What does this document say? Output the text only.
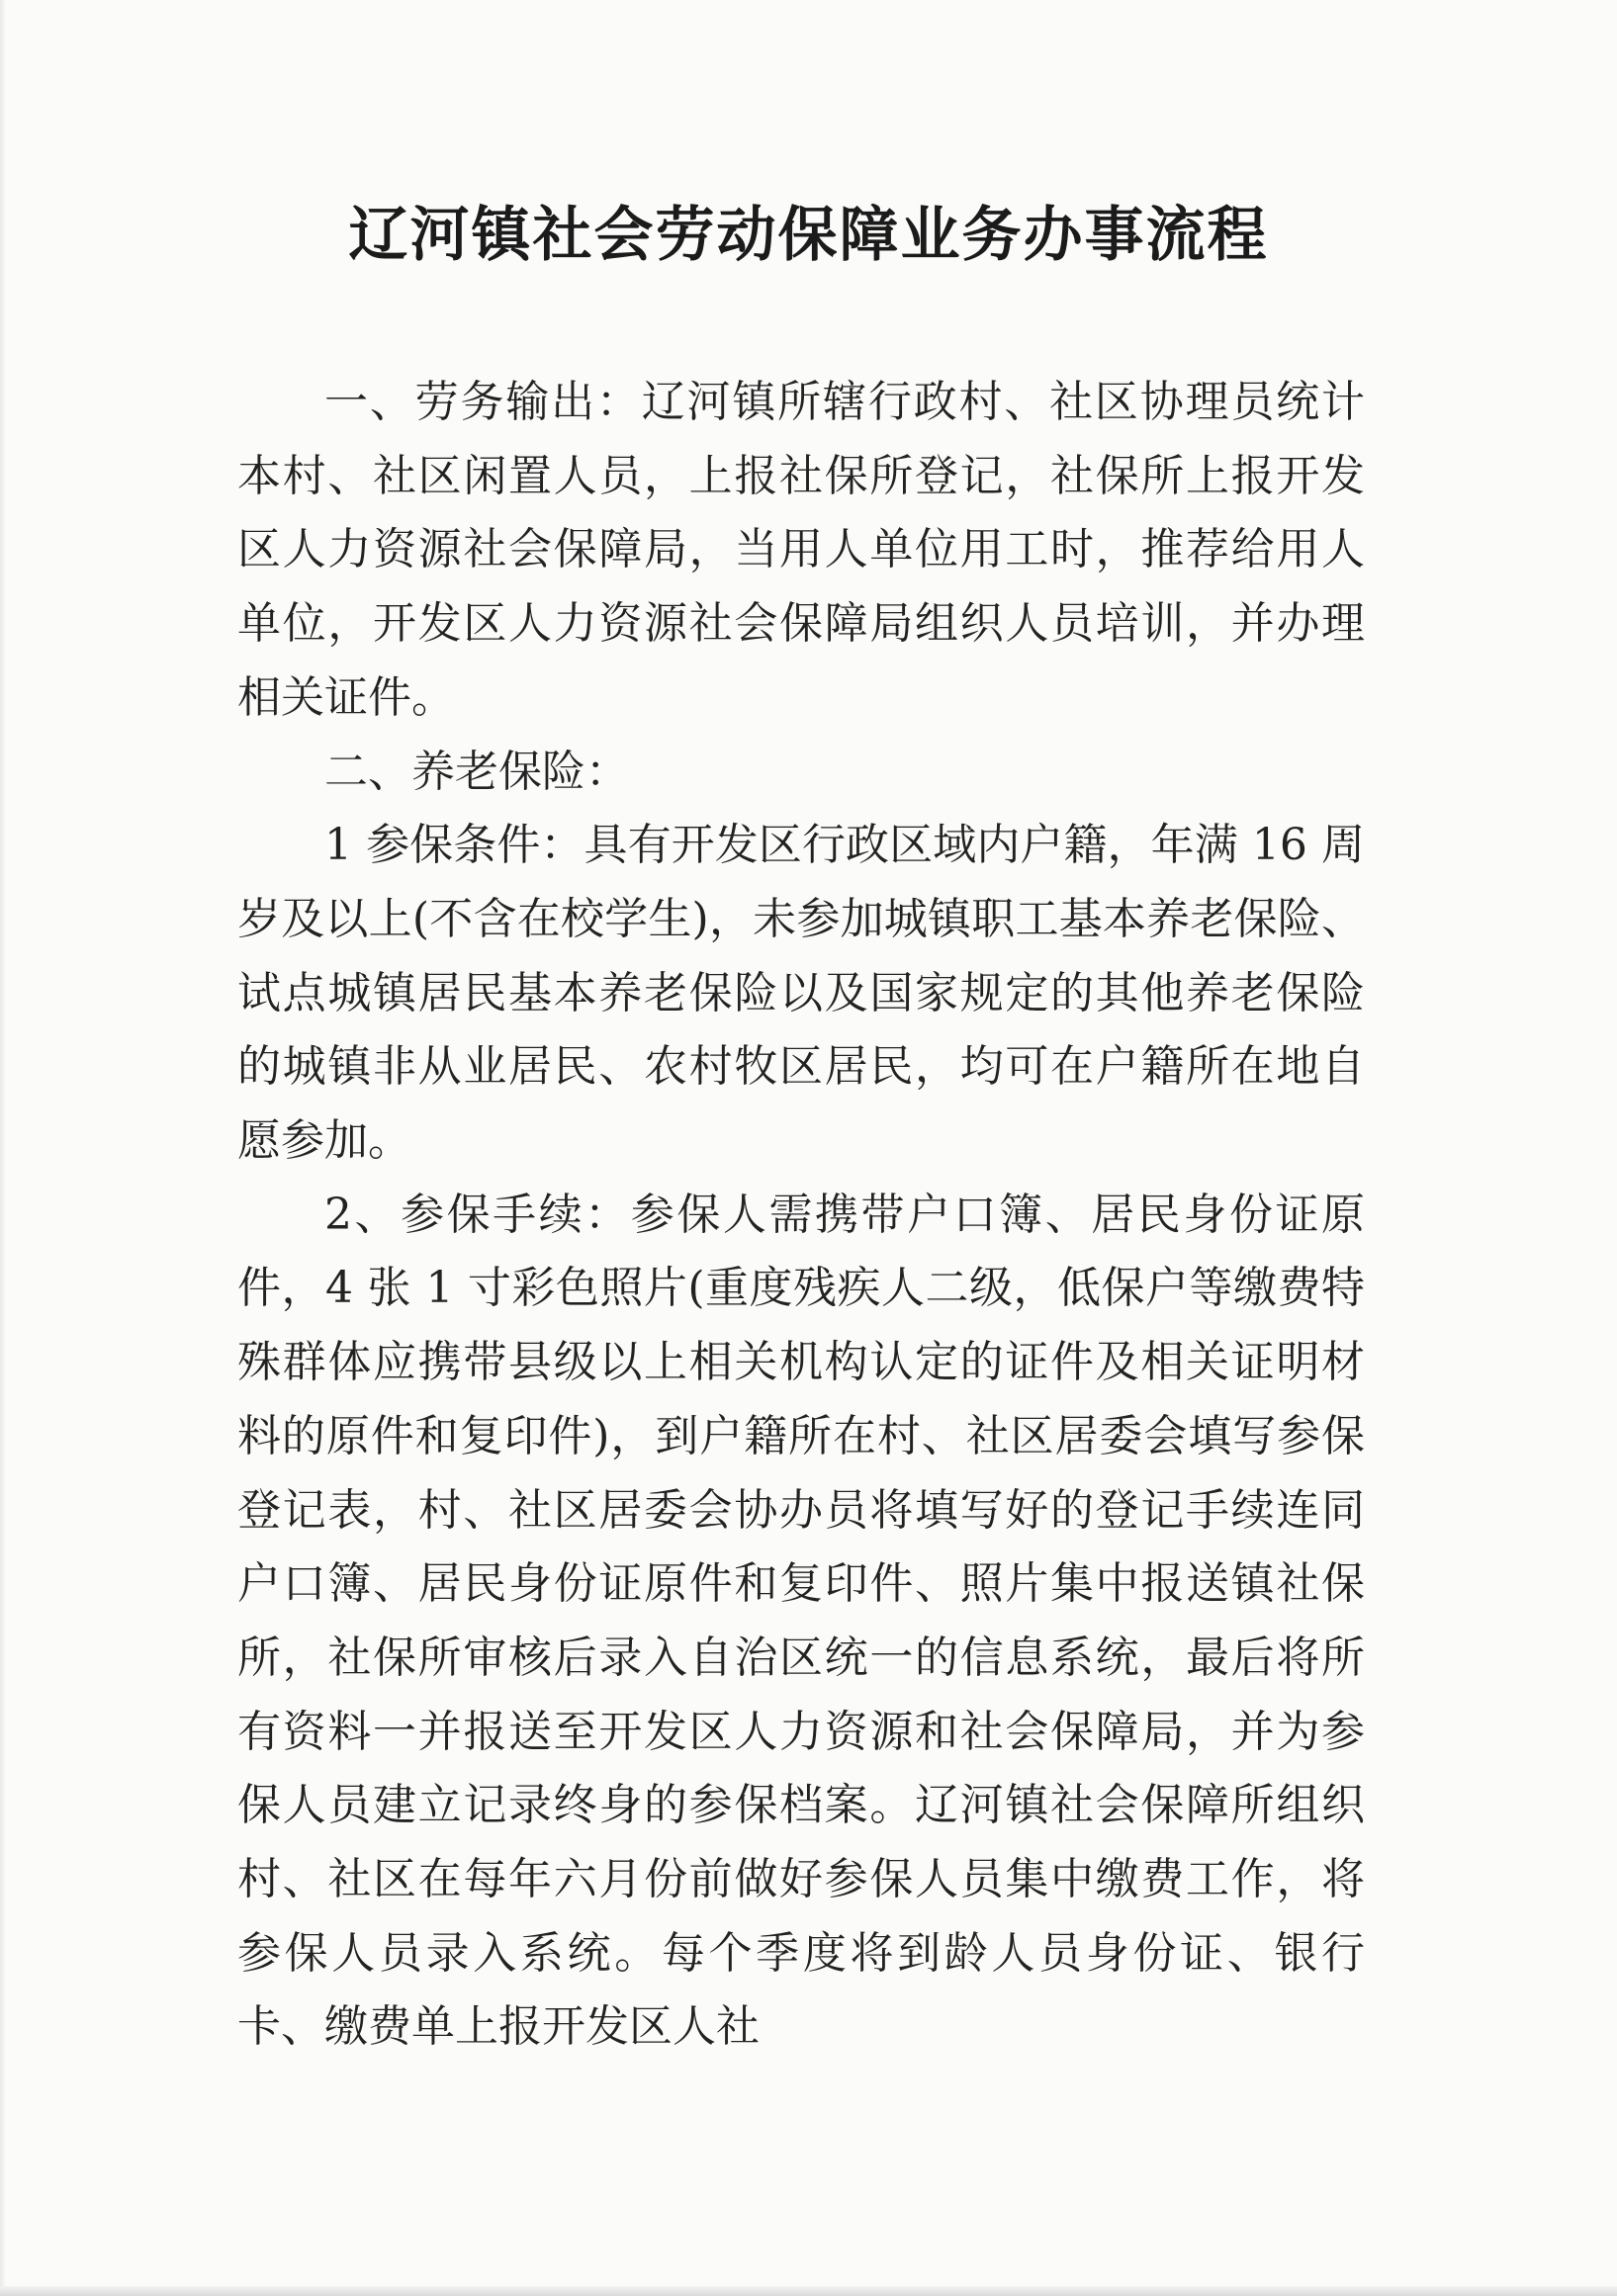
辽河镇社会劳动保障业务办事流程

一、劳务输出：辽河镇所辖行政村、社区协理员统计本村、社区闲置人员，上报社保所登记，社保所上报开发区人力资源社会保障局，当用人单位用工时，推荐给用人单位，开发区人力资源社会保障局组织人员培训，并办理相关证件。

二、养老保险：

1 参保条件：具有开发区行政区域内户籍，年满 16 周岁及以上(不含在校学生)，未参加城镇职工基本养老保险、试点城镇居民基本养老保险以及国家规定的其他养老保险的城镇非从业居民、农村牧区居民，均可在户籍所在地自愿参加。

2、参保手续：参保人需携带户口簿、居民身份证原件，4 张 1 寸彩色照片(重度残疾人二级，低保户等缴费特殊群体应携带县级以上相关机构认定的证件及相关证明材料的原件和复印件)，到户籍所在村、社区居委会填写参保登记表，村、社区居委会协办员将填写好的登记手续连同户口簿、居民身份证原件和复印件、照片集中报送镇社保所，社保所审核后录入自治区统一的信息系统，最后将所有资料一并报送至开发区人力资源和社会保障局，并为参保人员建立记录终身的参保档案。辽河镇社会保障所组织村、社区在每年六月份前做好参保人员集中缴费工作，将参保人员录入系统。每个季度将到龄人员身份证、银行卡、缴费单上报开发区人社
